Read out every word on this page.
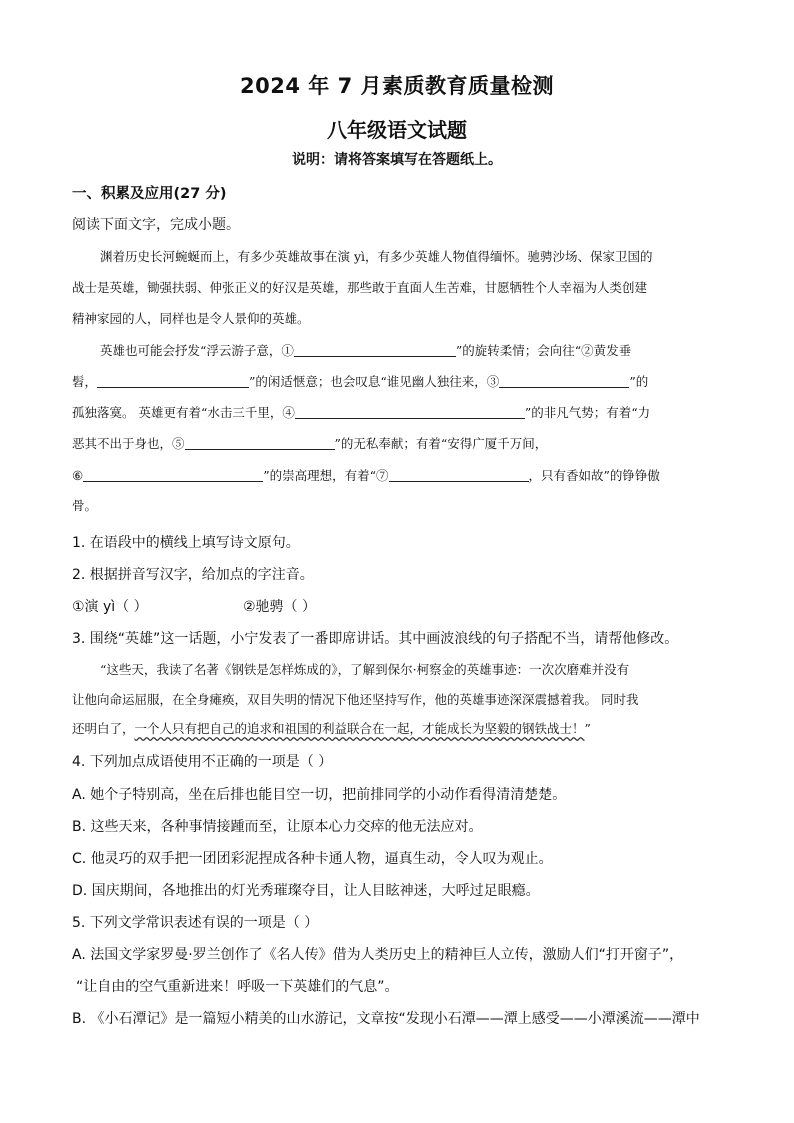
2024 年 7 月素质教育质量检测
八年级语文试题
说明：请将答案填写在答题纸上。
一、积累及应用(27 分)
阅读下面文字，完成小题。
渊着历史长河蜿蜒而上，有多少英雄故事在演 yì，有多少英雄人物值得缅怀。驰骋沙场、保家卫国的
战士是英雄，锄强扶弱、伸张正义的好汉是英雄，那些敢于直面人生苦难，甘愿牺牲个人幸福为人类创建
精神家园的人，同样也是令人景仰的英雄。
英雄也可能会抒发“浮云游子意，①	”的旋转柔情；会向往“②黄发垂
髫，	”的闲适惬意；也会叹息“谁见幽人独往来，③	”的
孤独落寞。 英雄更有着“水击三千里，④	”的非凡气势；有着“力
恶其不出于身也，⑤	”的无私奉献；有着“安得广厦千万间，
⑥	”的崇高理想，有着“⑦	，只有香如故”的铮铮傲
骨。
1. 在语段中的横线上填写诗文原句。
2. 根据拼音写汉字，给加点的字注音。
①演 yì（ ）	②驰骋（ ）
3. 围绕“英雄”这一话题，小宁发表了一番即席讲话。其中画波浪线的句子搭配不当，请帮他修改。
“这些天，我读了名著《钢铁是怎样炼成的》，了解到保尔·柯察金的英雄事迹：一次次磨难并没有
让他向命运屈服，在全身瘫痪，双目失明的情况下他还坚持写作，他的英雄事迹深深震撼着我。 同时我
还明白了，一个人只有把自己的追求和祖国的利益联合在一起，才能成长为坚毅的钢铁战士！”
4. 下列加点成语使用不正确的一项是（ ）
A. 她个子特别高，坐在后排也能目空一切，把前排同学的小动作看得清清楚楚。
B. 这些天来，各种事情接踵而至，让原本心力交瘁的他无法应对。
C. 他灵巧的双手把一团团彩泥捏成各种卡通人物，逼真生动，令人叹为观止。
D. 国庆期间，各地推出的灯光秀璀璨夺目，让人目眩神迷，大呼过足眼瘾。
5. 下列文学常识表述有误的一项是（ ）
A. 法国文学家罗曼·罗兰创作了《名人传》借为人类历史上的精神巨人立传，激励人们“打开窗子”，
“让自由的空气重新进来！呼吸一下英雄们的气息”。
B. 《小石潭记》是一篇短小精美的山水游记，文章按“发现小石潭——潭上感受——小潭溪流——潭中
